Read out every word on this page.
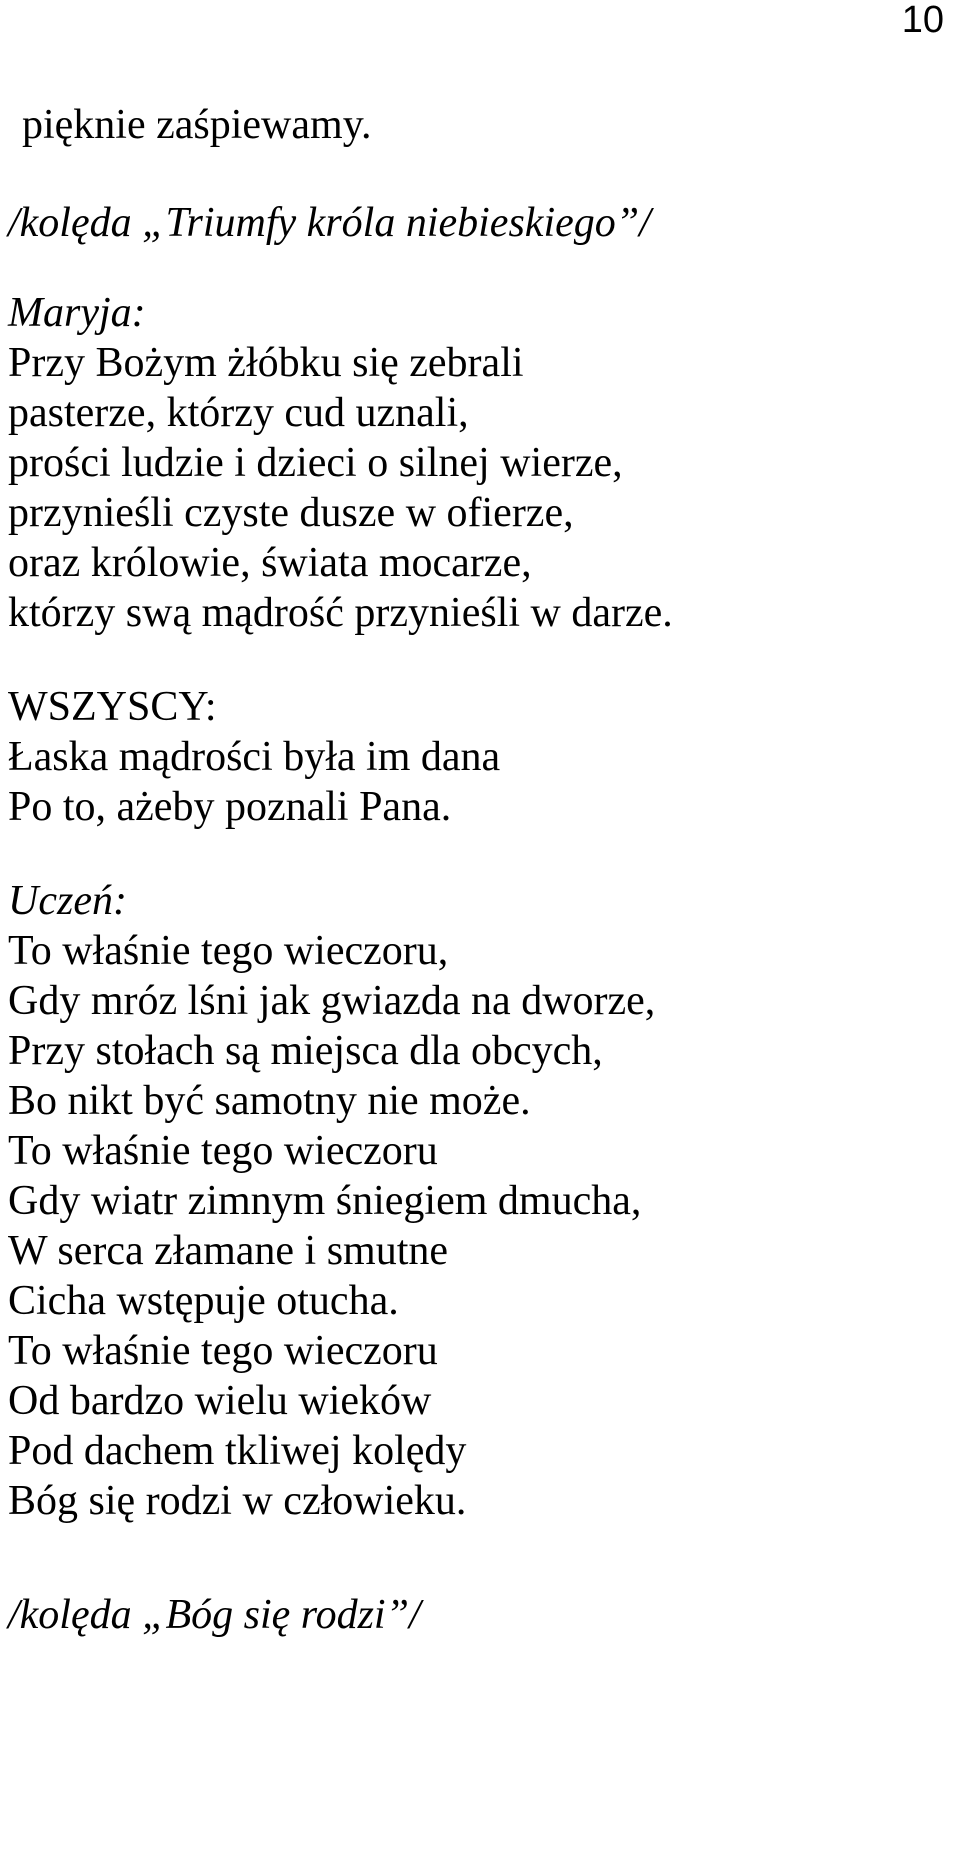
10
pięknie zaśpiewamy.
/kolęda „Triumfy króla niebieskiego”/
Maryja:
Przy Bożym żłóbku się zebrali
pasterze, którzy cud uznali,
prości ludzie i dzieci o silnej wierze,
przynieśli czyste dusze w ofierze,
oraz królowie, świata mocarze,
którzy swą mądrość przynieśli w darze.
WSZYSCY:
Łaska mądrości była im dana
Po to, ażeby poznali Pana.
Uczeń:
To właśnie tego wieczoru,
Gdy mróz lśni jak gwiazda na dworze,
Przy stołach są miejsca dla obcych,
Bo nikt być samotny nie może.
To właśnie tego wieczoru
Gdy wiatr zimnym śniegiem dmucha,
W serca złamane i smutne
Cicha wstępuje otucha.
To właśnie tego wieczoru
Od bardzo wielu wieków
Pod dachem tkliwej kolędy
Bóg się rodzi w człowieku.
/kolęda „Bóg się rodzi”/
